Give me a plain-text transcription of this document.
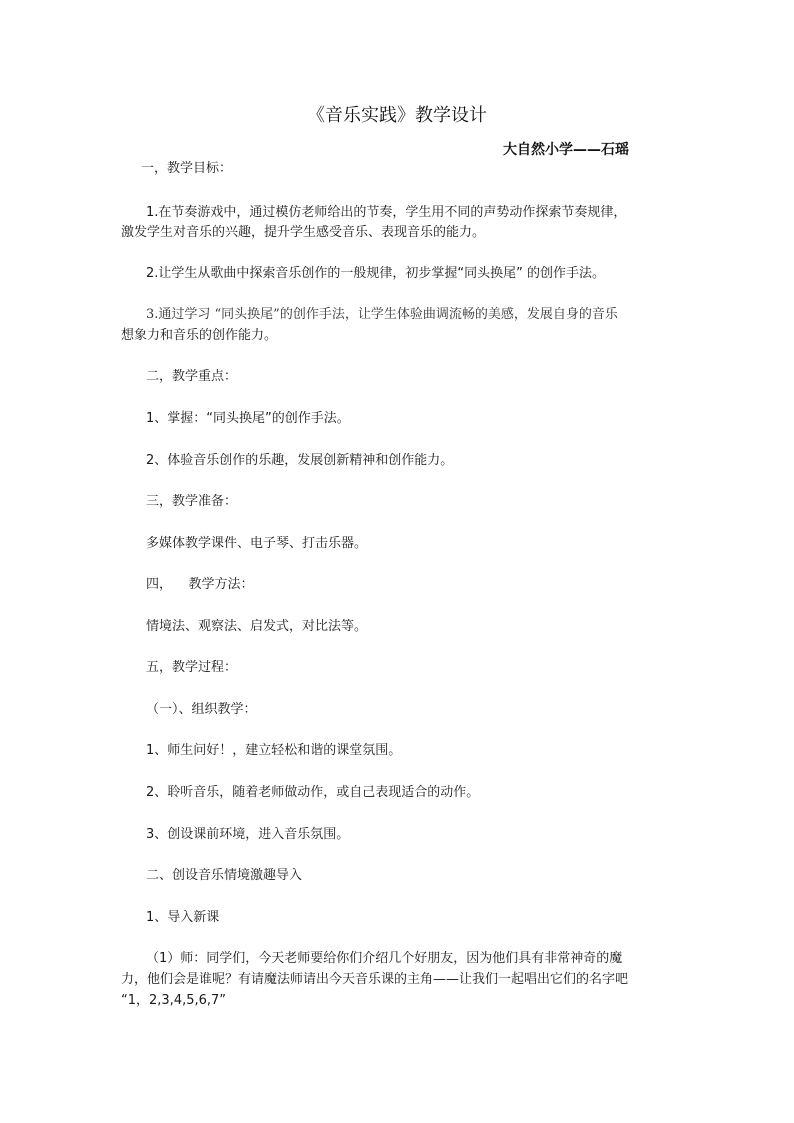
《音乐实践》教学设计
大自然小学——石瑶
一，教学目标：
1.在节奏游戏中，通过模仿老师给出的节奏，学生用不同的声势动作探索节奏规律，
激发学生对音乐的兴趣，提升学生感受音乐、表现音乐的能力。
2.让学生从歌曲中探索音乐创作的一般规律，初步掌握“同头换尾” 的创作手法。
3.通过学习 “同头换尾”的创作手法，让学生体验曲调流畅的美感，发展自身的音乐
想象力和音乐的创作能力。
二，教学重点：
1、掌握：“同头换尾”的创作手法。
2、体验音乐创作的乐趣，发展创新精神和创作能力。
三，教学准备：
多媒体教学课件、电子琴、打击乐器。
四，    教学方法：
情境法、观察法、启发式，对比法等。
五，教学过程：
（一）、组织教学：
1、师生问好！，建立轻松和谐的课堂氛围。
2、聆听音乐，随着老师做动作，或自己表现适合的动作。
3、创设课前环境，进入音乐氛围。
二、创设音乐情境激趣导入
1、导入新课
（1）师：同学们，今天老师要给你们介绍几个好朋友，因为他们具有非常神奇的魔
力，他们会是谁呢？有请魔法师请出今天音乐课的主角——让我们一起唱出它们的名字吧
“1，2,3,4,5,6,7”
